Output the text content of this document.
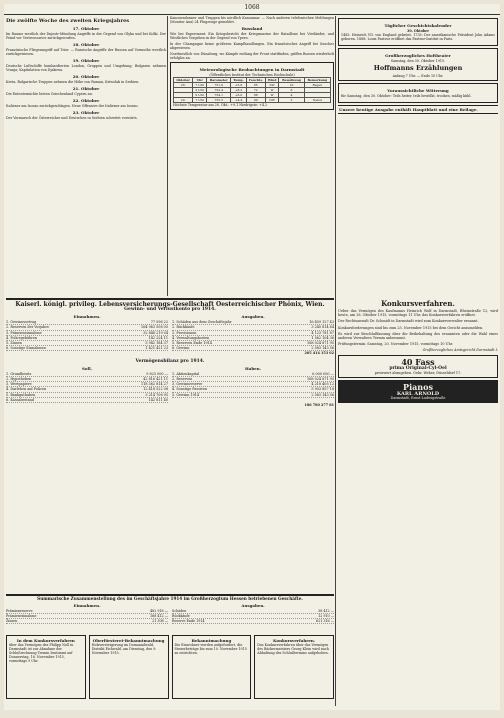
1068
Die zwölfte Woche des zweiten Kriegsjahres
17. Oktober

Im Raume westlich der Dnjestr-Mündung Angriffe in der Gegend von Olyka und bei Kolki. Der Feind vor Vertrossowice zurückgeworfen.

18. Oktober

Französische Fliegerangriff auf Trier. — Russische Angriffe der Russen auf Vermuthe westlich zurückgewiesen.

19. Oktober

Deutsche Luftschiffe bombardierten London, Gruppen und Umgebung; Bulgaren nehmen Vranja; Kapitulation von Djakowa.

20. Oktober

Kreta. Bulgarische Truppen nehmen die Höhe von Ruman, Kriwolak in Serbien.

21. Oktober

Die Ententemächte bieten Griechenland Cypern an.

22. Oktober

Italiener am Isonzo zurückgeschlagen. Neue Offensive der Italiener am Isonzo.

23. Oktober

Der Vormarsch der Österreicher und Deutschen in Serbien schreitet vorwärts.

Kanonendonner und Truppen bis nördlich Kanonmar. — Nach anderen telefonischen Meldungen (Monitor Aux) 24 Flugzeuge gemeldet.

Russland

Wie bei Experiment: Ein Kriegsbericht der Kriegsmarine der Bataillone bei Vierländer, und Westliches Vorgehen in der Gegend von Ypern.

In der Champagne keine größeren Kampfhandlungen. Ein französischer Angriff bei Souchez abgewiesen.

Nordwestlich von Dünaburg, wo Kämpfe entlang der Front stattfinden, griffen Russen wiederholt erfolglos an.

Meteorologische Beobachtungen in Darmstadt
(Öffentliches Institut der Technischen Hochschule)
Oktober	Uhr	Barometer	Temp.	Feuchte	Wind	Bewölkung	Bemerkung
28.	7 Uhr	751.9	+5.8	85	SW	10	Regen
	2 Uhr	752.4	+8.2	72	W	8	
	9 Uhr	754.1	+6.0	88	W	4	
29.	7 Uhr	755.3	+4.4	90	NW	2	Nebel
Höchste Temperatur am 28. Okt.: +9.1 Niedrigste: +4.2
Täglicher Geschichtskalender
30. Oktober

1485: Heinrich VII. von England gekrönt. 1735: Der amerikanische Präsident John Adams geboren. 1888: Louis Pasteur eröffnet das Pasteur-Institut in Paris.

Großherzogliches Hoftheater
Samstag, den 30. Oktober 1915.
Hoffmanns Erzählungen
Anfang 7 Uhr. — Ende 10 Uhr.
Voraussichtliche Witterung

für Samstag, den 30. Oktober: Teils heiter, teils bewölkt, trocken, mäßig kühl.

Unsere heutige Ausgabe enthält Hauptblatt und eine Beilage.
Kaiserl. königl. privileg. Lebensversicherungs-Gesellschaft Oesterreichischer Phönix, Wien.
Gewinn- und Verlustkonto pro 1914.
Einnahmen.
1. Gewinnvortrag	77 596 22
2. Reserven der Vorjahre	164 963 508 05
3. Prämieneinnahme	32 848 219 04
4. Policegebühren	142 224 11
5. Zinsen	5 942 184 37
6. Sonstige Einnahmen	1 421 421 23
Ausgaben.
1. Schäden aus dem Geschäftsjahr	16 459 127 43
2. Rückkäufe	3 240 814 64
3. Provisionen	4 123 781 87
4. Verwaltungskosten	1 562 104 36
5. Reserven Ende 1914	168 024 871 95
6. Gewinn	2 583 143 56
205 414 153 02
Vermögensbilanz pro 1914.
Soll.
1. Grundbesitz	9 825 000 —
2. Hypotheken	42 816 421 11
3. Wertpapiere	118 362 814 27
4. Darlehen auf Policen	12 418 522 08
5. Bankguthaben	3 214 708 95
6. Kassabestand	142 811 40
Haben.
1. Aktienkapital	6 000 000 —
2. Reserven	168 024 871 95
3. Gewinnreserve	4 218 405 12
4. Sonstige Passiven	5 953 857 18
5. Gewinn 1914	2 583 143 56
186 780 277 81
Konkursverfahren.

Ueber das Vermögen des Kaufmanns Heinrich Wolf in Darmstadt, Rheinstraße 12, wird heute, am 28. Oktober 1915, vormittags 11 Uhr, das Konkursverfahren eröffnet.

Der Rechtsanwalt Dr. Schmidt in Darmstadt wird zum Konkursverwalter ernannt.

Konkursforderungen sind bis zum 25. November 1915 bei dem Gericht anzumelden.

Es wird zur Beschlußfassung über die Beibehaltung des ernannten oder die Wahl eines anderen Verwalters Termin anberaumt.

Prüfungstermin: Samstag, 20. November 1915, vormittags 10 Uhr.

Großherzogliches Amtsgericht Darmstadt I.

40 Fass
prima Original-Cyl-Oel
preiswert abzugeben. Gebr. Weber, Düsseldorf 17.
Pianos
KARL ARNOLD
Darmstadt, Ernst-Ludwigstraße
Summarische Zusammenstellung des im Geschäftsjahre 1914 im Großherzogtum Hessen betriebenen Geschäfte.
Einnahmen.
Prämienreserve	482 918 —
Prämieneinnahme	168 412 —
Zinsen	21 308 —
Ausgaben.
Schäden	38 412 —
Rückkäufe	12 910 —
Reserve Ende 1914	621 316 —
In dem Konkursverfahren
über das Vermögen des Philipp Noll in Darmstadt ist zur Abnahme der Schlußrechnung Termin bestimmt auf Donnerstag, 18. November 1915, vormittags 9 Uhr.
Oberförsterei-Bekanntmachung
Holzversteigerung im Domanialwald, Distrikt Eichwald, am Dienstag, den 9. November 1915.
Bekanntmachung
Die Einwohner werden aufgefordert, die Steuerbeträge bis zum 10. November 1915 zu entrichten.
Konkursverfahren.
Das Konkursverfahren über das Vermögen des Bäckermeisters Georg Klein wird nach Abhaltung des Schlußtermins aufgehoben.
